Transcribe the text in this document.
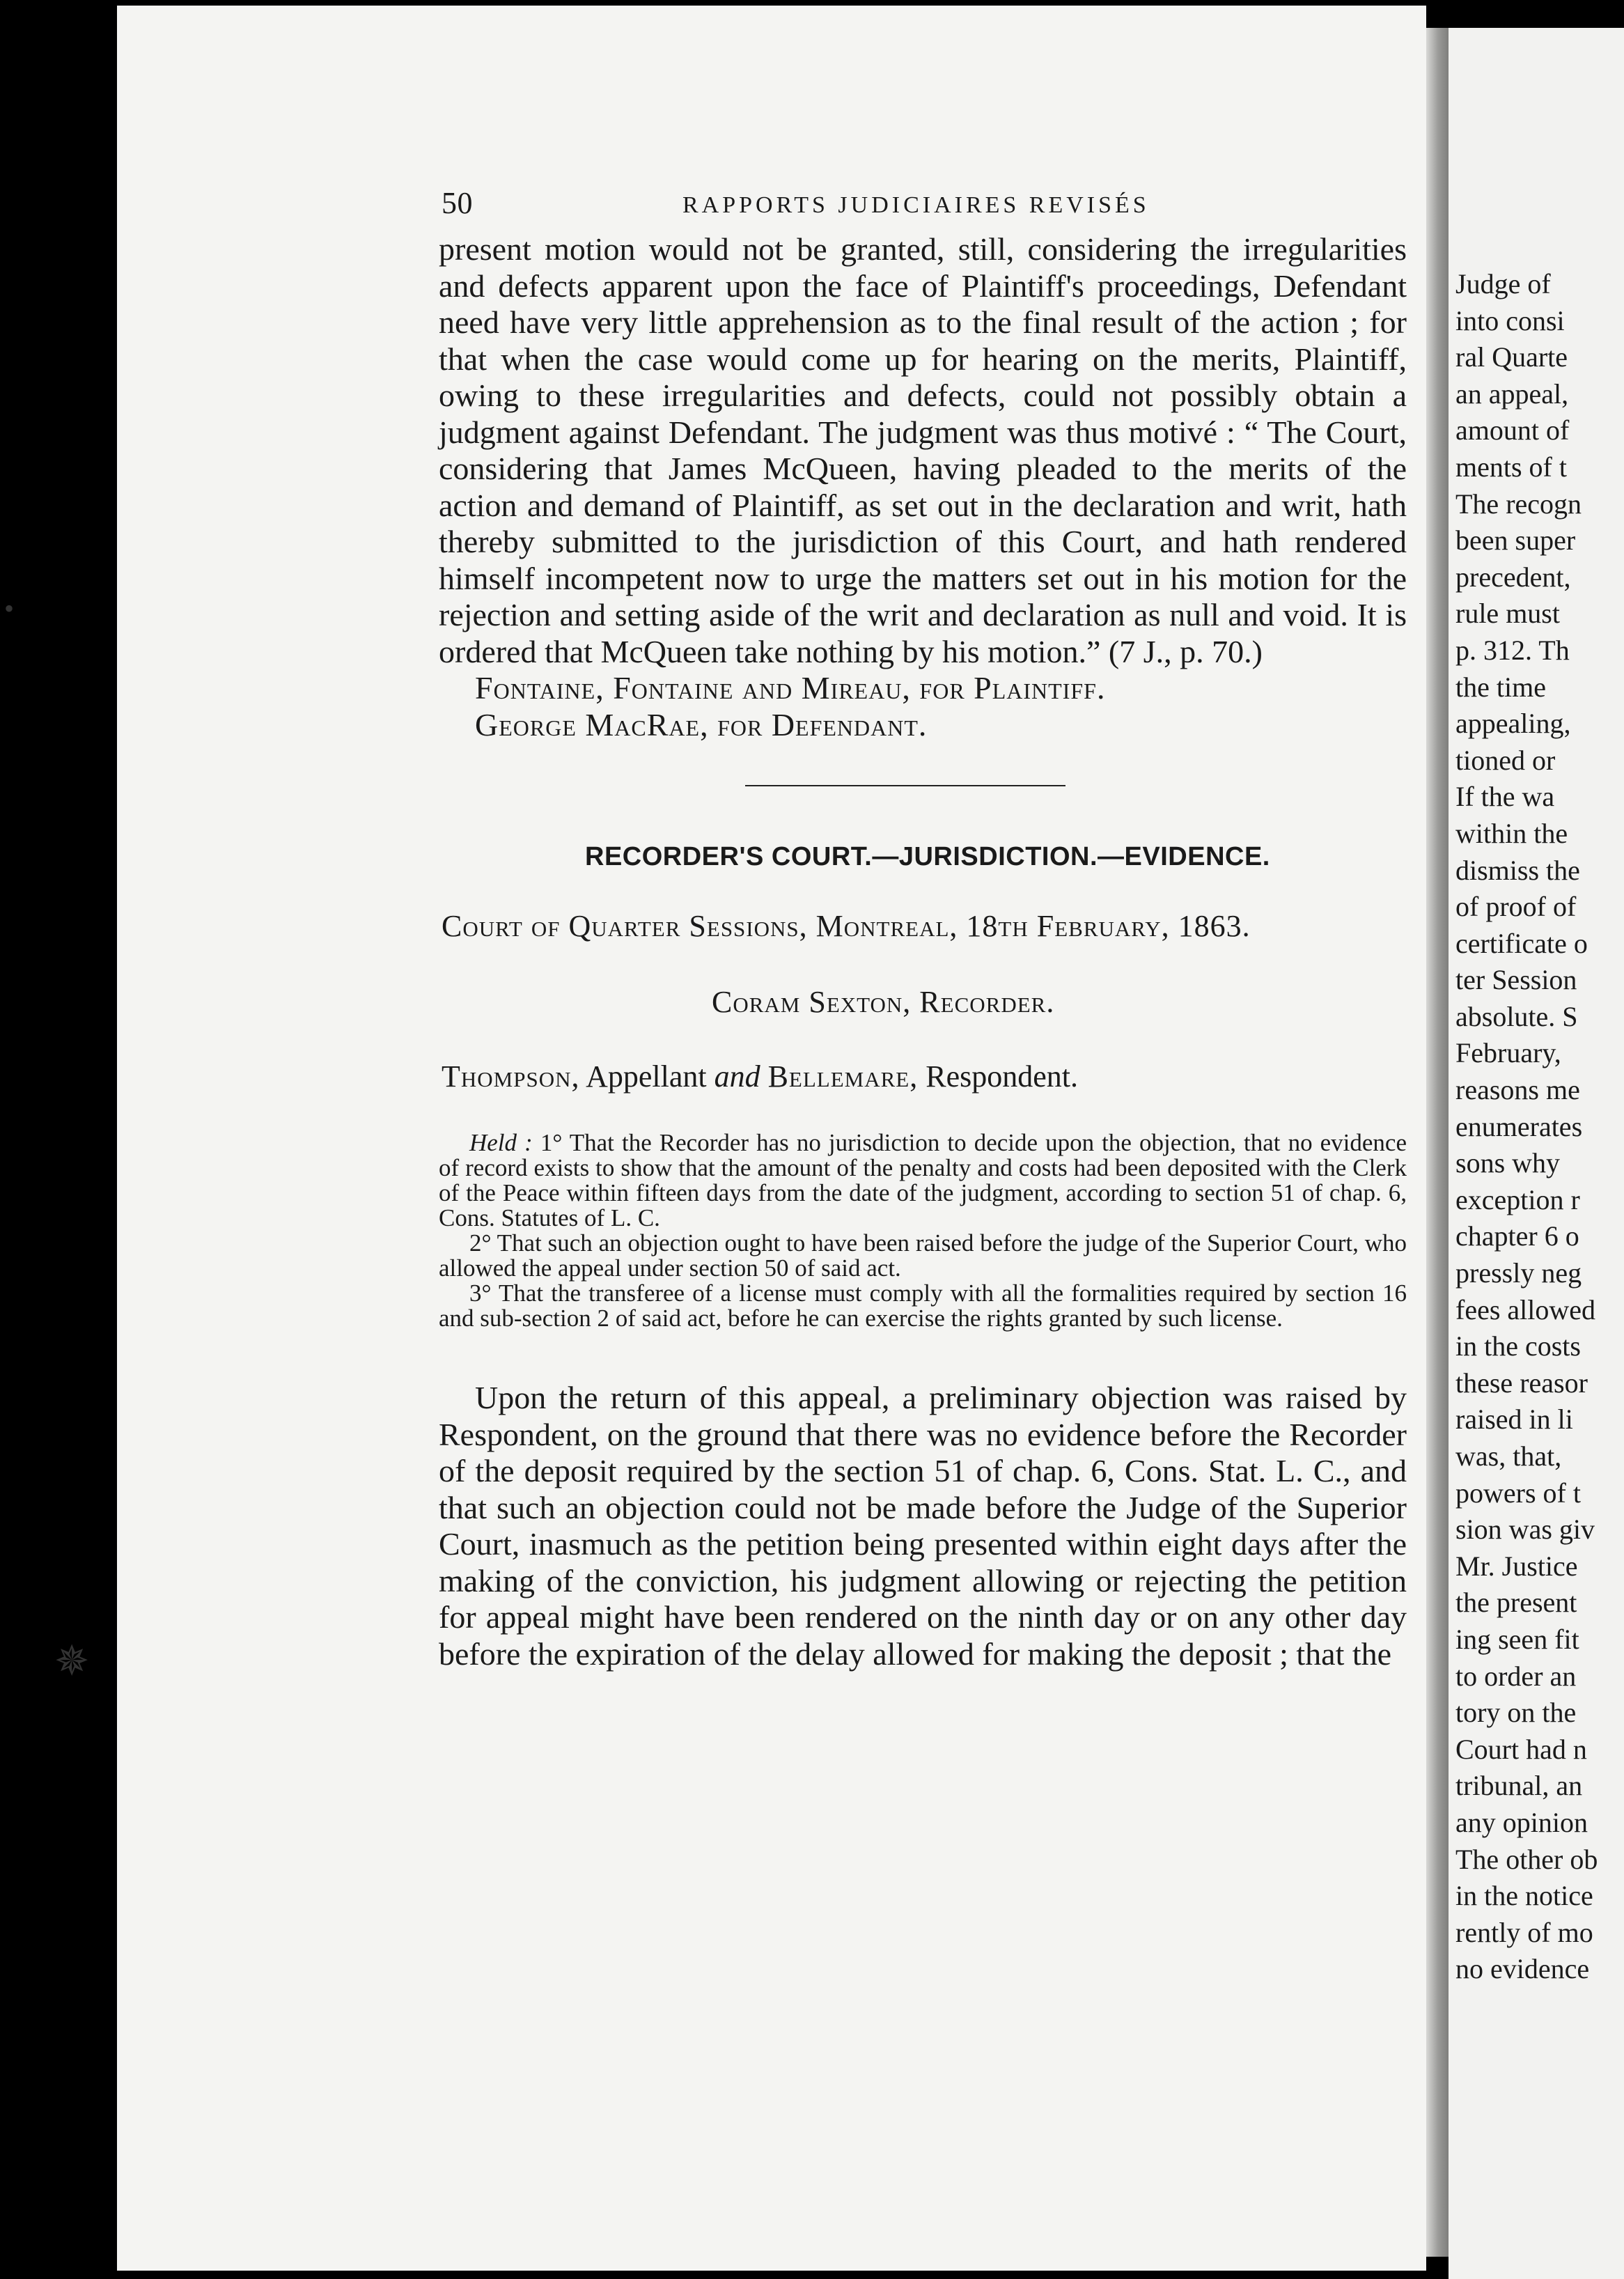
Judge of
into consi
ral Quarte
an appeal,
amount of
ments of t
The recogn
been super
precedent,
rule must
p. 312. Th
the time
appealing,
tioned or
If the wa
within the
dismiss the
of proof of
certificate o
ter Session
absolute. S
February,
reasons me
enumerates
sons why
exception r
chapter 6 o
pressly neg
fees allowed
in the costs
these reasor
raised in li
was, that,
powers of t
sion was giv
Mr. Justice
the present
ing seen fit
to order an
tory on the
Court had n
tribunal, an
any opinion
The other ob
in the notice
rently of mo
no evidence
•
✵
50	RAPPORTS JUDICIAIRES REVISÉS

present motion would not be granted, still, considering the irregularities and defects apparent upon the face of Plaintiff's proceedings, Defendant need have very little apprehension as to the final result of the action ; for that when the case would come up for hearing on the merits, Plaintiff, owing to these irregularities and defects, could not possibly obtain a judgment against Defendant. The judgment was thus motivé : “ The Court, considering that James McQueen, having pleaded to the merits of the action and demand of Plaintiff, as set out in the declaration and writ, hath thereby submitted to the jurisdiction of this Court, and hath rendered himself incompetent now to urge the matters set out in his motion for the rejection and setting aside of the writ and declaration as null and void. It is ordered that McQueen take nothing by his motion.” (7 J., p. 70.)

Fontaine, Fontaine and Mireau, for Plaintiff.

George MacRae, for Defendant.

RECORDER'S COURT.—JURISDICTION.—EVIDENCE.
Court of Quarter Sessions, Montreal, 18th February, 1863.
Coram Sexton, Recorder.
Thompson, Appellant and Bellemare, Respondent.

Held : 1° That the Recorder has no jurisdiction to decide upon the objection, that no evidence of record exists to show that the amount of the penalty and costs had been deposited with the Clerk of the Peace within fifteen days from the date of the judgment, according to section 51 of chap. 6, Cons. Statutes of L. C.

2° That such an objection ought to have been raised before the judge of the Superior Court, who allowed the appeal under section 50 of said act.

3° That the transferee of a license must comply with all the formalities required by section 16 and sub-section 2 of said act, before he can exercise the rights granted by such license.

Upon the return of this appeal, a preliminary objection was raised by Respondent, on the ground that there was no evidence before the Recorder of the deposit required by the section 51 of chap. 6, Cons. Stat. L. C., and that such an objection could not be made before the Judge of the Superior Court, inasmuch as the petition being presented within eight days after the making of the conviction, his judgment allowing or rejecting the petition for appeal might have been rendered on the ninth day or on any other day before the expiration of the delay allowed for making the deposit ; that the
